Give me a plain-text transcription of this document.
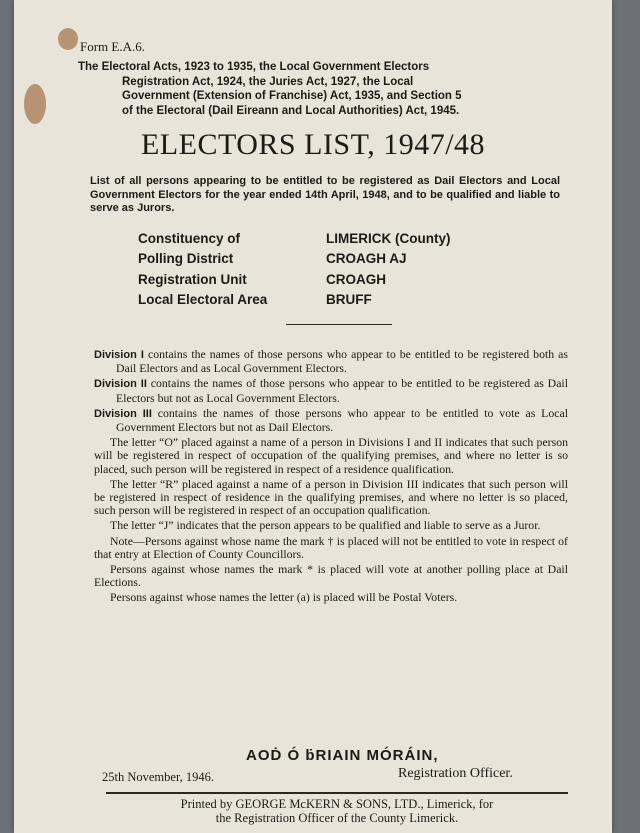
Form E.A.6.
The Electoral Acts, 1923 to 1935, the Local Government Electors
Registration Act, 1924, the Juries Act, 1927, the Local
Government (Extension of Franchise) Act, 1935, and Section 5
of the Electoral (Dail Eireann and Local Authorities) Act, 1945.
ELECTORS LIST, 1947/48
List of all persons appearing to be entitled to be registered as Dail Electors and Local Government Electors for the year ended 14th April, 1948, and to be qualified and liable to serve as Jurors.
Constituency of	LIMERICK (County)
Polling District	CROAGH AJ
Registration Unit	CROAGH
Local Electoral Area	BRUFF

Division I contains the names of those persons who appear to be entitled to be registered both as Dail Electors and as Local Government Electors.

Division II contains the names of those persons who appear to be entitled to be registered as Dail Electors but not as Local Government Electors.

Division III contains the names of those persons who appear to be entitled to vote as Local Government Electors but not as Dail Electors.

The letter “O” placed against a name of a person in Divisions I and II indicates that such person will be registered in respect of occupation of the qualifying premises, and where no letter is so placed, such person will be registered in respect of a residence qualification.

The letter “R” placed against a name of a person in Division III indicates that such person will be registered in respect of residence in the qualifying premises, and where no letter is so placed, such person will be registered in respect of an occupation qualification.

The letter “J” indicates that the person appears to be qualified and liable to serve as a Juror.

Note—Persons against whose name the mark † is placed will not be entitled to vote in respect of that entry at Election of County Councillors.

Persons against whose names the mark * is placed will vote at another polling place at Dail Elections.

Persons against whose names the letter (a) is placed will be Postal Voters.

AOḊ Ó ḃRIAIN MÓRÁIN,
25th November, 1946.	Registration Officer.
Printed by GEORGE McKERN & SONS, LTD., Limerick, for
the Registration Officer of the County Limerick.
